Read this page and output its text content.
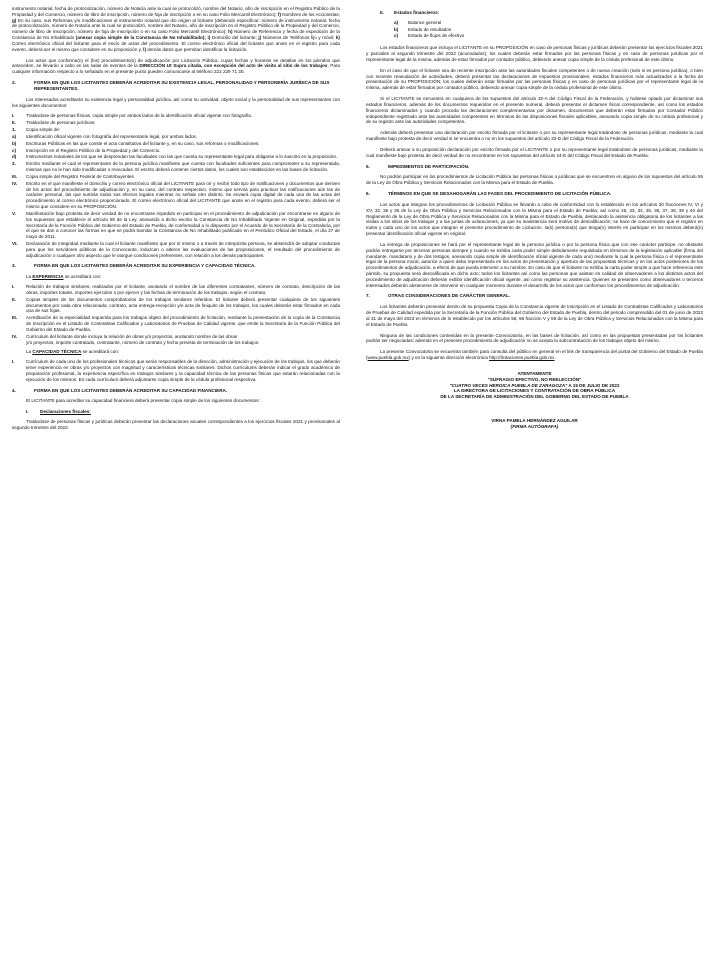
instrumento notarial, fecha de protocolización, número de Notaría ante la cual se protocolizó, nombre del Notario, año de inscripción en el Registro Público de la Propiedad y del Comercio, número de libro de inscripción, número de foja de inscripción o en su caso Folio Mercantil Electrónico); f) Nombres de los Accionistas; g) En su caso, sus Reformas y/o modificaciones al instrumento notarial que dio origen al licitante (debiendo especificar: número de instrumento notarial, fecha de protocolización, número de Notaría ante la cual se protocolizó, nombre del Notario, año de inscripción en el Registro Público de la Propiedad y del Comercio, número de libro de inscripción, número de foja de inscripción o en su caso Folio Mercantil Electrónico); h) Número de Referencia y fecha de expedición de la Constancia de No Inhabilitado (anexar copia simple de la Constancia de No Inhabilitado); i) Domicilio del licitante; j) Números de Teléfonos fijo y móvil; k) Correo electrónico oficial del licitante para el envío de actas del procedimiento. El correo electrónico oficial del licitante que anote en el registro para cada evento, deberá ser el mismo que considere en su proposición y, l) demás datos que permitan identificar la licitación.

Los actos que conforma(n) el (los) procedimiento(s) de adjudicación por Licitación Pública, cuyas fechas y horarios se detallan en los párrafos que anteceden, se llevarán a cabo en las salas de eventos de la DIRECCIÓN Ut Supra citada, con excepción del acto de visita al sitio de los trabajos; Para cualquier información respecto a lo señalado en el presente punto pueden comunicarse al teléfono 222 229 71 30.

2.	FORMA EN QUE LOS LICITANTES DEBERÁN ACREDITAR SU EXISTENCIA LEGAL, PERSONALIDAD Y PERSONERÍA JURÍDICA DE SUS REPRESENTANTES.

Los interesados acreditarán su existencia legal y personalidad jurídica, así como su actividad, objeto social y la personalidad de sus representantes con los siguientes documentos:

I.	Tratándose de personas físicas, copia simple por ambos lados de la identificación oficial vigente con fotografía.
II.	Tratándose de personas jurídicas:
1.	Copia simple de:
a)	Identificación oficial vigente con fotografía del representante legal, por ambos lados.
b)	Escrituras Públicas en las que conste el acta constitutiva del licitante y, en su caso, sus reformas o modificaciones.
c)	Inscripción en el Registro Público de la Propiedad y del Comercio.
d)	Instrumentos notariales de los que se desprendan las facultades con las que cuenta su representante legal para obligarse a lo suscrito en la proposición.
2.	Escrito mediante el cual el representante de la persona jurídica manifieste que cuenta con facultades suficientes para comprometer a su representada, mismas que no le han sido modificadas o revocadas. El escrito deberá contener ciertos datos, los cuales son establecidos en las bases de licitación.
III.	Copia simple del Registro Federal de Contribuyentes.
IV.	Escrito en el que manifieste el domicilio y correo electrónico oficial del LICITANTE para oír y recibir todo tipo de notificaciones y documentos que deriven de los actos del procedimiento de adjudicación y, en su caso, del contrato respectivo, mismo que servirá para practicar las notificaciones aún las de carácter personal, las que surtirán todos sus efectos legales mientras no señale otro distinto. Se enviará copia digital de cada una de las actas del procedimiento al correo electrónico proporcionado. El correo electrónico oficial del LICITANTE que anote en el registro para cada evento, deberá ser el mismo que considere en su PROPOSICIÓN.
V.	Manifestación bajo protesta de decir verdad de no encontrarse impedido en participar en el procedimiento de adjudicación por encontrarse en alguno de los supuestos que establece el artículo 55 de la Ley, anexando a dicho escrito la Constancia de No Inhabilitado Vigente en Original, expedida por la Secretaría de la Función Pública del Gobierno del Estado de Puebla, de conformidad a lo dispuesto por el Acuerdo de la Secretaría de la Contraloría, por el que se dan a conocer las formas en que se podrá tramitar la Constancia de No Inhabilitado publicado en el Periódico Oficial del Estado, el día 27 de mayo de 2011.
VI.	Declaración de integridad mediante la cual el licitante manifieste que por sí mismo o a través de interpósita persona, se abstendrá de adoptar conductas para que los servidores públicos de la Convocante, induzcan o alteren las evaluaciones de las proposiciones, el resultado del procedimiento de adjudicación o cualquier otro aspecto que le otorgue condiciones preferentes, con relación a los demás participantes.
3.	FORMA EN QUE LOS LICITANTES DEBERÁN ACREDITAR SU EXPERIENCIA Y CAPACIDAD TÉCNICA.
La EXPERIENCIA se acreditará con:
I.	Relación de trabajos similares, realizados por el licitante, anotando el nombre de las diferentes contratantes, número de contrato, descripción de las obras, importes totales, importes ejercidos o por ejercer y las fechas de terminación de los trabajos, según el contrato.
II.	Copias simples de los documentos comprobatorios de los trabajos similares referidos. El licitante deberá presentar cualquiera de los siguientes documentos por cada obra relacionada: contrato, acta entrega-recepción y/o acta de finiquito de los trabajos, los cuales deberán estar firmados en cada una de sus fojas.
III.	Acreditación de la especialidad requerida para los trabajos objeto del procedimiento de licitación, mediante la presentación de la copia de la Constancia de Inscripción en el Listado de Contratistas Calificados y Laboratorios de Pruebas de Calidad vigente, que emite la Secretaría de la Función Pública del Gobierno del Estado de Puebla.
IV.	Currículum del licitante donde incluya la relación de obras y/o proyectos, anotando nombre de las obras
y/o proyectos, importe contratado, contratante, número de contrato y fecha prevista de terminación de los trabajos.
La CAPACIDAD TÉCNICA se acreditará con:
I.	Currículum de cada uno de los profesionales técnicos que serán responsables de la dirección, administración y ejecución de los trabajos, los que deberán tener experiencia en obras y/o proyectos con magnitud y características técnicas similares. Dichos currículums deberán indicar el grado académico de preparación profesional, la experiencia específica en trabajos similares y la capacidad técnica de las personas físicas que estarán relacionadas con la ejecución de los mismos. En cada currículum deberá adjuntarse copia simple de la cédula profesional respectiva.
4.	FORMA EN QUE LOS LICITANTES DEBERÁN ACREDITAR SU CAPACIDAD FINANCIERA.

El LICITANTE para acreditar su capacidad financiera deberá presentar copia simple de los siguientes documentos:

I.	Declaraciones fiscales:

Tratándose de personas físicas y jurídicas deberán presentar las declaraciones anuales correspondientes a los ejercicios fiscales 2021 y provisionales al segundo trimestre del 2022.

II.	Estados financieros:
a)	Balance general
b)	Estado de resultados
c)	Estado de flujos de efectivo

Los estados financieros que incluya el LICITANTE en su PROPOSICIÓN en caso de personas físicas y jurídicas deberán presentar los ejercicios fiscales 2021 y parciales al segundo trimestre del 2022 (acumulados); los cuales deberán estar firmados por las personas físicas y en caso de personas jurídicas por el representante legal de la misma, además de estar firmados por contador público, debiendo anexar copia simple de la cédula profesional de este último.

En el caso de que el licitante sea de reciente inscripción ante las autoridades fiscales competentes o de nueva creación (solo si es persona jurídica), o bien con reciente reanudación de actividades, deberá presentar las declaraciones de impuestos provisionales, estados financieros más actualizados a la fecha de presentación de su PROPOSICIÓN; los cuales deberán estar firmados por las personas físicas y en caso de personas jurídicas por el representante legal de la misma, además de estar firmados por contador público, debiendo anexar copia simple de la cédula profesional de este último.

Si el LICITANTE se encuentra en cualquiera de los supuestos del artículo 32-A del Código Fiscal de la Federación, y hubiese optado por dictaminar sus estados financieros, además de los documentos requeridos en el presente numeral, deberá presentar el dictamen fiscal correspondiente, así como los estados financieros dictaminados y cuando proceda las declaraciones complementarias por dictamen, documentos que deberán estar firmados por Contador Público independiente registrado ante las autoridades competentes en términos de las disposiciones fiscales aplicables, anexando copia simple de su cédula profesional y de su registro ante las autoridades competentes.

Además deberá presentar una declaración por escrito firmada por el licitante o por su representante legal tratándose de personas jurídicas, mediante la cual manifieste bajo protesta de decir verdad si se encuentra o no en los supuestos del artículo 32-D del Código Fiscal de la Federación.

Deberá anexar a su proposición declaración por escrito firmada por el LICITANTE o por su representante legal tratándose de personas jurídicas, mediante la cual manifieste bajo protesta de decir verdad de no encontrarse en los supuestos del artículo 24-E del Código Fiscal del Estado de Puebla.

5.	IMPEDIMENTOS DE PARTICIPACIÓN.

No podrán participar en los procedimientos de Licitación Pública las personas físicas o jurídicas que se encuentren en alguno de los supuestos del artículo 55 de la Ley de Obra Pública y Servicios Relacionados con la Misma para el Estado de Puebla.

6.	TÉRMINOS EN QUE SE DESAHOGARÁN LAS FASES DEL PROCEDIMIENTO DE LICITACIÓN PÚBLICA.

Los actos que integran los procedimientos de Licitación Pública se llevarán a cabo de conformidad con lo establecido en los artículos 30 fracciones IV, VI y XV, 32, 35 y 36 de la Ley de Obra Pública y Servicios Relacionados con la Misma para el Estado de Puebla; así como 25, 33, 34, 35, 36, 37, 38, 39 y 40 del Reglamento de la Ley de Obra Pública y Servicios Relacionados con la Misma para el Estado de Puebla, destacando la asistencia obligatoria de los licitantes a las visitas a los sitios de los trabajos y a las juntas de aclaraciones, ya que su inasistencia será motivo de descalificación; se hace de conocimiento que el registro en todos y cada uno de los actos que integran el presente procedimiento de Licitación, la(s) persona(s) que tenga(n) interés en participar en los mismos deberá(n) presentar identificación oficial vigente en original.

La entrega de proposiciones se hará por el representante legal de la persona jurídica o por la persona física que con ese carácter participe, no obstante podrán entregarse por terceras personas siempre y cuando se exhiba carta poder simple debidamente requisitada en términos de la legislación aplicable (firma del mandante, mandatario y de dos testigos, anexando copia simple de identificación oficial vigente de cada uno) mediante la cual la persona física o el representante legal de la persona moral, autorice a quien deba representarla en los actos de presentación y apertura de las propuestas técnicas y en los actos posteriores de los procedimientos de adjudicación, a efecto de que pueda intervenir a su nombre. En caso de que el licitante no exhiba la carta poder simple a que hace referencia este párrafo, su propuesta será descalificada en dicho acto; todos los licitantes así como las personas que asistan en calidad de observadores a los distintos actos del procedimiento de adjudicación deberán exhibir identificación oficial vigente, así como registrar su asistencia. Quienes se presenten como observadores o terceros interesados deberán abstenerse de intervenir en cualquier momento durante el desarrollo de los actos que conforman los procedimientos de adjudicación.

7.	OTRAS CONSIDERACIONES DE CARÁCTER GENERAL.

Los licitantes deberán presentar dentro de su propuesta Copia de la Constancia vigente de Inscripción en el Listado de Contratistas Calificados y Laboratorios de Pruebas de Calidad expedida por la Secretaría de la Función Pública del Gobierno del Estado de Puebla, dentro del periodo comprendido del 01 de junio de 2022 al 31 de mayo del 2023 en términos de lo establecido por los artículos 56, 58 fracción V y 59 de la Ley de Obra Pública y Servicios Relacionados con la Misma para el Estado de Puebla.

Ninguna de las condiciones contenidas en la presente Convocatoria, en las bases de licitación, así como en las propuestas presentadas por los licitantes podrán ser negociadas; además en el presente procedimiento de adjudicación no se acepta la subcontratación de los trabajos objeto del mismo.

La presente Convocatoria se encuentra también para consulta del público en general en el link de transparencia del portal del Gobierno del Estado de Puebla (www.puebla.gob.mx) y en la siguiente dirección electrónica http://licitaciones.puebla.gob.mx.

ATENTAMENTE

"SUFRAGIO EFECTIVO, NO REELECCIÓN"

"CUATRO VECES HEROICA PUEBLA DE ZARAGOZA" A 15 DE JULIO DE 2022

LA DIRECTORA DE LICITACIONES Y CONTRATACIÓN DE OBRA PÚBLICA

DE LA SECRETARÍA DE ADMINISTRACIÓN DEL GOBIERNO DEL ESTADO DE PUEBLA

VIRNA PAMELA HERNÁNDEZ AGUILAR

(FIRMA AUTÓGRAFA)
